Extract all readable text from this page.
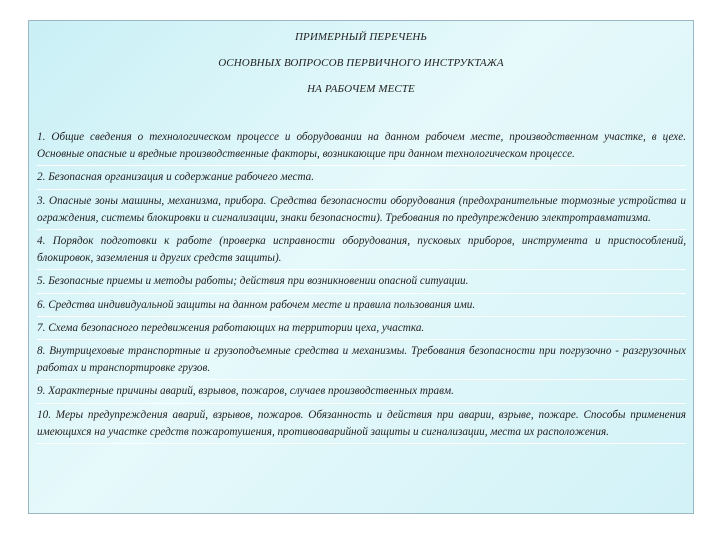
ПРИМЕРНЫЙ ПЕРЕЧЕНЬ
ОСНОВНЫХ ВОПРОСОВ ПЕРВИЧНОГО ИНСТРУКТАЖА
НА РАБОЧЕМ МЕСТЕ

1. Общие сведения о технологическом процессе и оборудовании на данном рабочем месте, производственном участке, в цехе. Основные опасные и вредные производственные факторы, возникающие при данном технологическом процессе.

2. Безопасная организация и содержание рабочего места.

3. Опасные зоны машины, механизма, прибора. Средства безопасности оборудования (предохранительные тормозные устройства и ограждения, системы блокировки и сигнализации, знаки безопасности). Требования по предупреждению электротравматизма.

4. Порядок подготовки к работе (проверка исправности оборудования, пусковых приборов, инструмента и приспособлений, блокировок, заземления и других средств защиты).

5. Безопасные приемы и методы работы; действия при возникновении опасной ситуации.

6. Средства индивидуальной защиты на данном рабочем месте и правила пользования ими.

7. Схема безопасного передвижения работающих на территории цеха, участка.

8. Внутрицеховые транспортные и грузоподъемные средства и механизмы. Требования безопасности при погрузочно - разгрузочных работах и транспортировке грузов.

9. Характерные причины аварий, взрывов, пожаров, случаев производственных травм.

10. Меры предупреждения аварий, взрывов, пожаров. Обязанность и действия при аварии, взрыве, пожаре. Способы применения имеющихся на участке средств пожаротушения, противоаварийной защиты и сигнализации, места их расположения.
